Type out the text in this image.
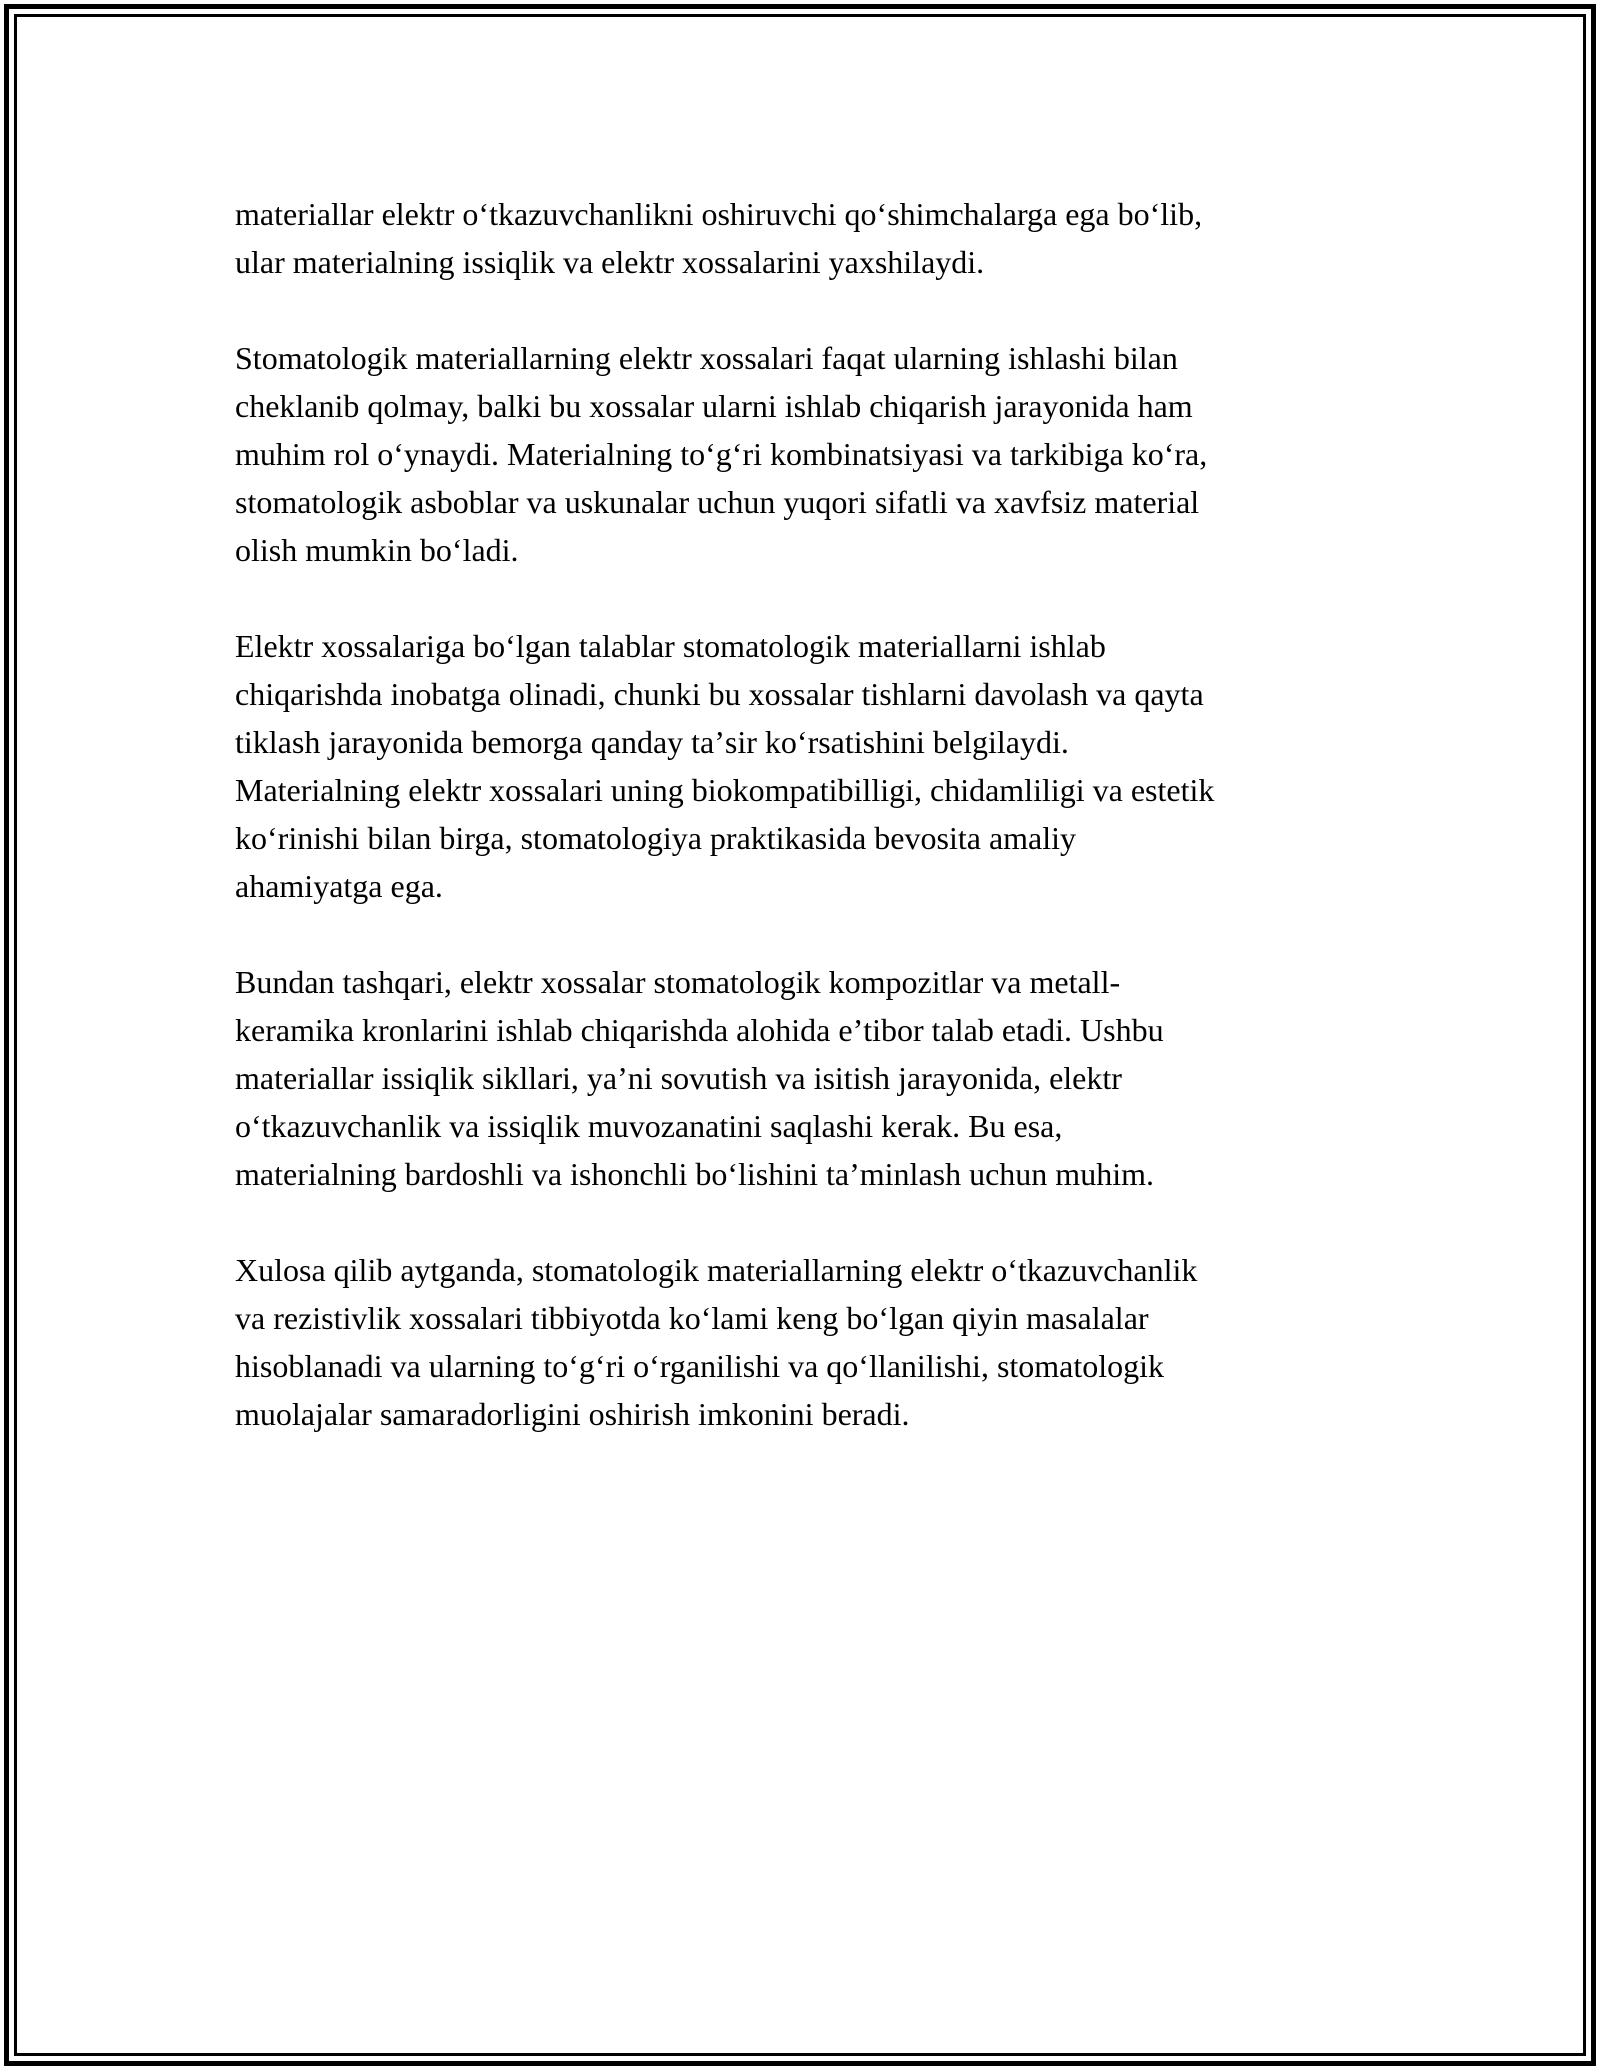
materiallar elektr oʻtkazuvchanlikni oshiruvchi qoʻshimchalarga ega boʻlib,
ular materialning issiqlik va elektr xossalarini yaxshilaydi.

Stomatologik materiallarning elektr xossalari faqat ularning ishlashi bilan
cheklanib qolmay, balki bu xossalar ularni ishlab chiqarish jarayonida ham
muhim rol oʻynaydi. Materialning toʻgʻri kombinatsiyasi va tarkibiga koʻra,
stomatologik asboblar va uskunalar uchun yuqori sifatli va xavfsiz material
olish mumkin boʻladi.

Elektr xossalariga boʻlgan talablar stomatologik materiallarni ishlab
chiqarishda inobatga olinadi, chunki bu xossalar tishlarni davolash va qayta
tiklash jarayonida bemorga qanday taʼsir koʻrsatishini belgilaydi.
Materialning elektr xossalari uning biokompatibilligi, chidamliligi va estetik
koʻrinishi bilan birga, stomatologiya praktikasida bevosita amaliy
ahamiyatga ega.

Bundan tashqari, elektr xossalar stomatologik kompozitlar va metall-
keramika kronlarini ishlab chiqarishda alohida eʼtibor talab etadi. Ushbu
materiallar issiqlik sikllari, yaʼni sovutish va isitish jarayonida, elektr
oʻtkazuvchanlik va issiqlik muvozanatini saqlashi kerak. Bu esa,
materialning bardoshli va ishonchli boʻlishini taʼminlash uchun muhim.

Xulosa qilib aytganda, stomatologik materiallarning elektr oʻtkazuvchanlik
va rezistivlik xossalari tibbiyotda koʻlami keng boʻlgan qiyin masalalar
hisoblanadi va ularning toʻgʻri oʻrganilishi va qoʻllanilishi, stomatologik
muolajalar samaradorligini oshirish imkonini beradi.
